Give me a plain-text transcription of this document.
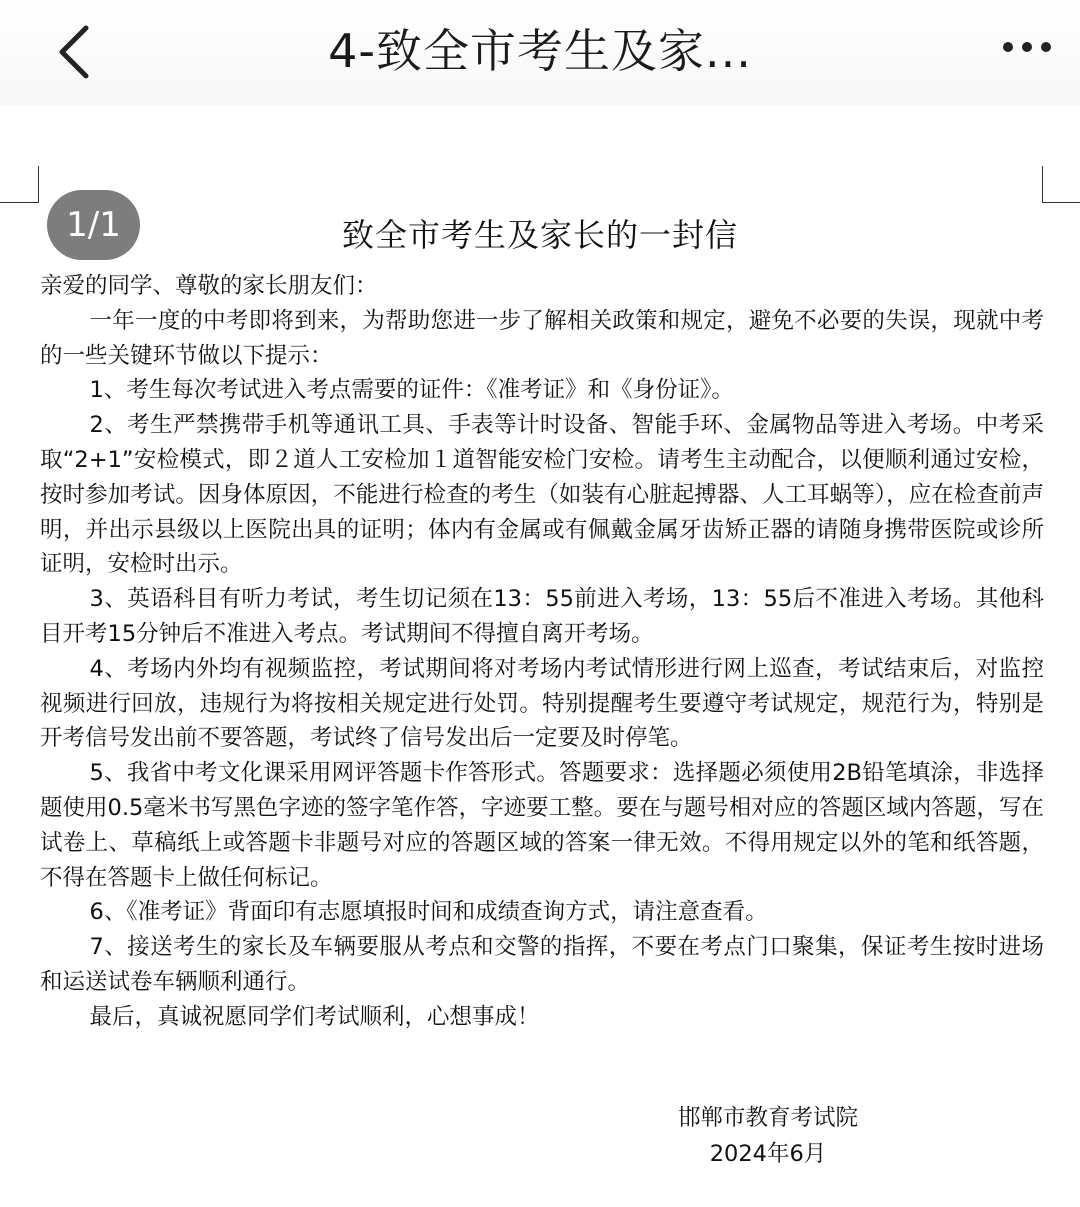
4-致全市考生及家...
1/1	致全市考生及家长的一封信

亲爱的同学、尊敬的家长朋友们：

一年一度的中考即将到来，为帮助您进一步了解相关政策和规定，避免不必要的失误，现就中考的一些关键环节做以下提示：

1、考生每次考试进入考点需要的证件：《准考证》和《身份证》。

2、考生严禁携带手机等通讯工具、手表等计时设备、智能手环、金属物品等进入考场。中考采取“2+1”安检模式，即２道人工安检加１道智能安检门安检。请考生主动配合，以便顺利通过安检，按时参加考试。因身体原因，不能进行检查的考生（如装有心脏起搏器、人工耳蜗等），应在检查前声明，并出示县级以上医院出具的证明；体内有金属或有佩戴金属牙齿矫正器的请随身携带医院或诊所证明，安检时出示。

3、英语科目有听力考试，考生切记须在13：55前进入考场，13：55后不准进入考场。其他科目开考15分钟后不准进入考点。考试期间不得擅自离开考场。

4、考场内外均有视频监控，考试期间将对考场内考试情形进行网上巡查，考试结束后，对监控视频进行回放，违规行为将按相关规定进行处罚。特别提醒考生要遵守考试规定，规范行为，特别是开考信号发出前不要答题，考试终了信号发出后一定要及时停笔。

5、我省中考文化课采用网评答题卡作答形式。答题要求：选择题必须使用2B铅笔填涂，非选择题使用0.5毫米书写黑色字迹的签字笔作答，字迹要工整。要在与题号相对应的答题区域内答题，写在试卷上、草稿纸上或答题卡非题号对应的答题区域的答案一律无效。不得用规定以外的笔和纸答题，不得在答题卡上做任何标记。

6、《准考证》背面印有志愿填报时间和成绩查询方式，请注意查看。

7、接送考生的家长及车辆要服从考点和交警的指挥，不要在考点门口聚集，保证考生按时进场和运送试卷车辆顺利通行。

最后，真诚祝愿同学们考试顺利，心想事成！

邯郸市教育考试院
2024年6月
